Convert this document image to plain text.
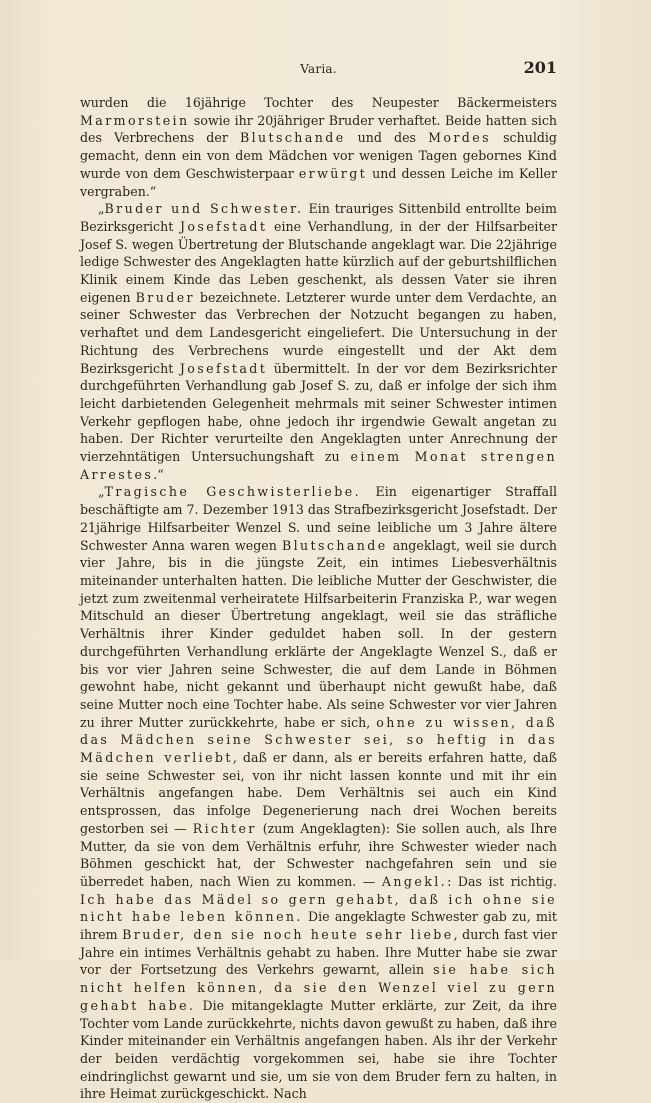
Varia.	201

wurden die 16jährige Tochter des Neupester Bäckermeisters Marmorstein sowie ihr 20jähriger Bruder verhaftet. Beide hatten sich des Verbrechens der Blutschande und des Mordes schuldig gemacht, denn ein von dem Mädchen vor wenigen Tagen gebornes Kind wurde von dem Geschwisterpaar erwürgt und dessen Leiche im Keller vergraben.“

„Bruder und Schwester. Ein trauriges Sittenbild entrollte beim Bezirksgericht Josefstadt eine Verhandlung, in der der Hilfsarbeiter Josef S. wegen Übertretung der Blutschande angeklagt war. Die 22jährige ledige Schwester des Angeklagten hatte kürzlich auf der geburtshilflichen Klinik einem Kinde das Leben geschenkt, als dessen Vater sie ihren eigenen Bruder bezeichnete. Letzterer wurde unter dem Verdachte, an seiner Schwester das Verbrechen der Notzucht begangen zu haben, verhaftet und dem Landesgericht eingeliefert. Die Untersuchung in der Richtung des Verbrechens wurde eingestellt und der Akt dem Bezirksgericht Josefstadt übermittelt. In der vor dem Bezirksrichter durchgeführten Verhandlung gab Josef S. zu, daß er infolge der sich ihm leicht darbietenden Gelegenheit mehrmals mit seiner Schwester intimen Verkehr gepflogen habe, ohne jedoch ihr irgendwie Gewalt angetan zu haben. Der Richter verurteilte den Angeklagten unter Anrechnung der vierzehntätigen Untersuchungshaft zu einem Monat strengen Arrestes.“

„Tragische Geschwisterliebe. Ein eigenartiger Straffall beschäftigte am 7. Dezember 1913 das Strafbezirksgericht Josefstadt. Der 21jährige Hilfsarbeiter Wenzel S. und seine leibliche um 3 Jahre ältere Schwester Anna waren wegen Blutschande angeklagt, weil sie durch vier Jahre, bis in die jüngste Zeit, ein intimes Liebesverhältnis miteinander unterhalten hatten. Die leibliche Mutter der Geschwister, die jetzt zum zweitenmal verheiratete Hilfsarbeiterin Franziska P., war wegen Mitschuld an dieser Übertretung angeklagt, weil sie das sträfliche Verhältnis ihrer Kinder geduldet haben soll. In der gestern durchgeführten Verhandlung erklärte der Angeklagte Wenzel S., daß er bis vor vier Jahren seine Schwester, die auf dem Lande in Böhmen gewohnt habe, nicht gekannt und überhaupt nicht gewußt habe, daß seine Mutter noch eine Tochter habe. Als seine Schwester vor vier Jahren zu ihrer Mutter zurückkehrte, habe er sich, ohne zu wissen, daß das Mädchen seine Schwester sei, so heftig in das Mädchen verliebt, daß er dann, als er bereits erfahren hatte, daß sie seine Schwester sei, von ihr nicht lassen konnte und mit ihr ein Verhältnis angefangen habe. Dem Verhältnis sei auch ein Kind entsprossen, das infolge Degenerierung nach drei Wochen bereits gestorben sei — Richter (zum Angeklagten): Sie sollen auch, als Ihre Mutter, da sie von dem Verhältnis erfuhr, ihre Schwester wieder nach Böhmen geschickt hat, der Schwester nachgefahren sein und sie überredet haben, nach Wien zu kommen. — Angekl.: Das ist richtig. Ich habe das Mädel so gern gehabt, daß ich ohne sie nicht habe leben können. Die angeklagte Schwester gab zu, mit ihrem Bruder, den sie noch heute sehr liebe, durch fast vier Jahre ein intimes Verhältnis gehabt zu haben. Ihre Mutter habe sie zwar vor der Fortsetzung des Verkehrs gewarnt, allein sie habe sich nicht helfen können, da sie den Wenzel viel zu gern gehabt habe. Die mitangeklagte Mutter erklärte, zur Zeit, da ihre Tochter vom Lande zurückkehrte, nichts davon gewußt zu haben, daß ihre Kinder miteinander ein Verhältnis angefangen haben. Als ihr der Verkehr der beiden verdächtig vorgekommen sei, habe sie ihre Tochter eindringlichst gewarnt und sie, um sie von dem Bruder fern zu halten, in ihre Heimat zurückgeschickt. Nach
